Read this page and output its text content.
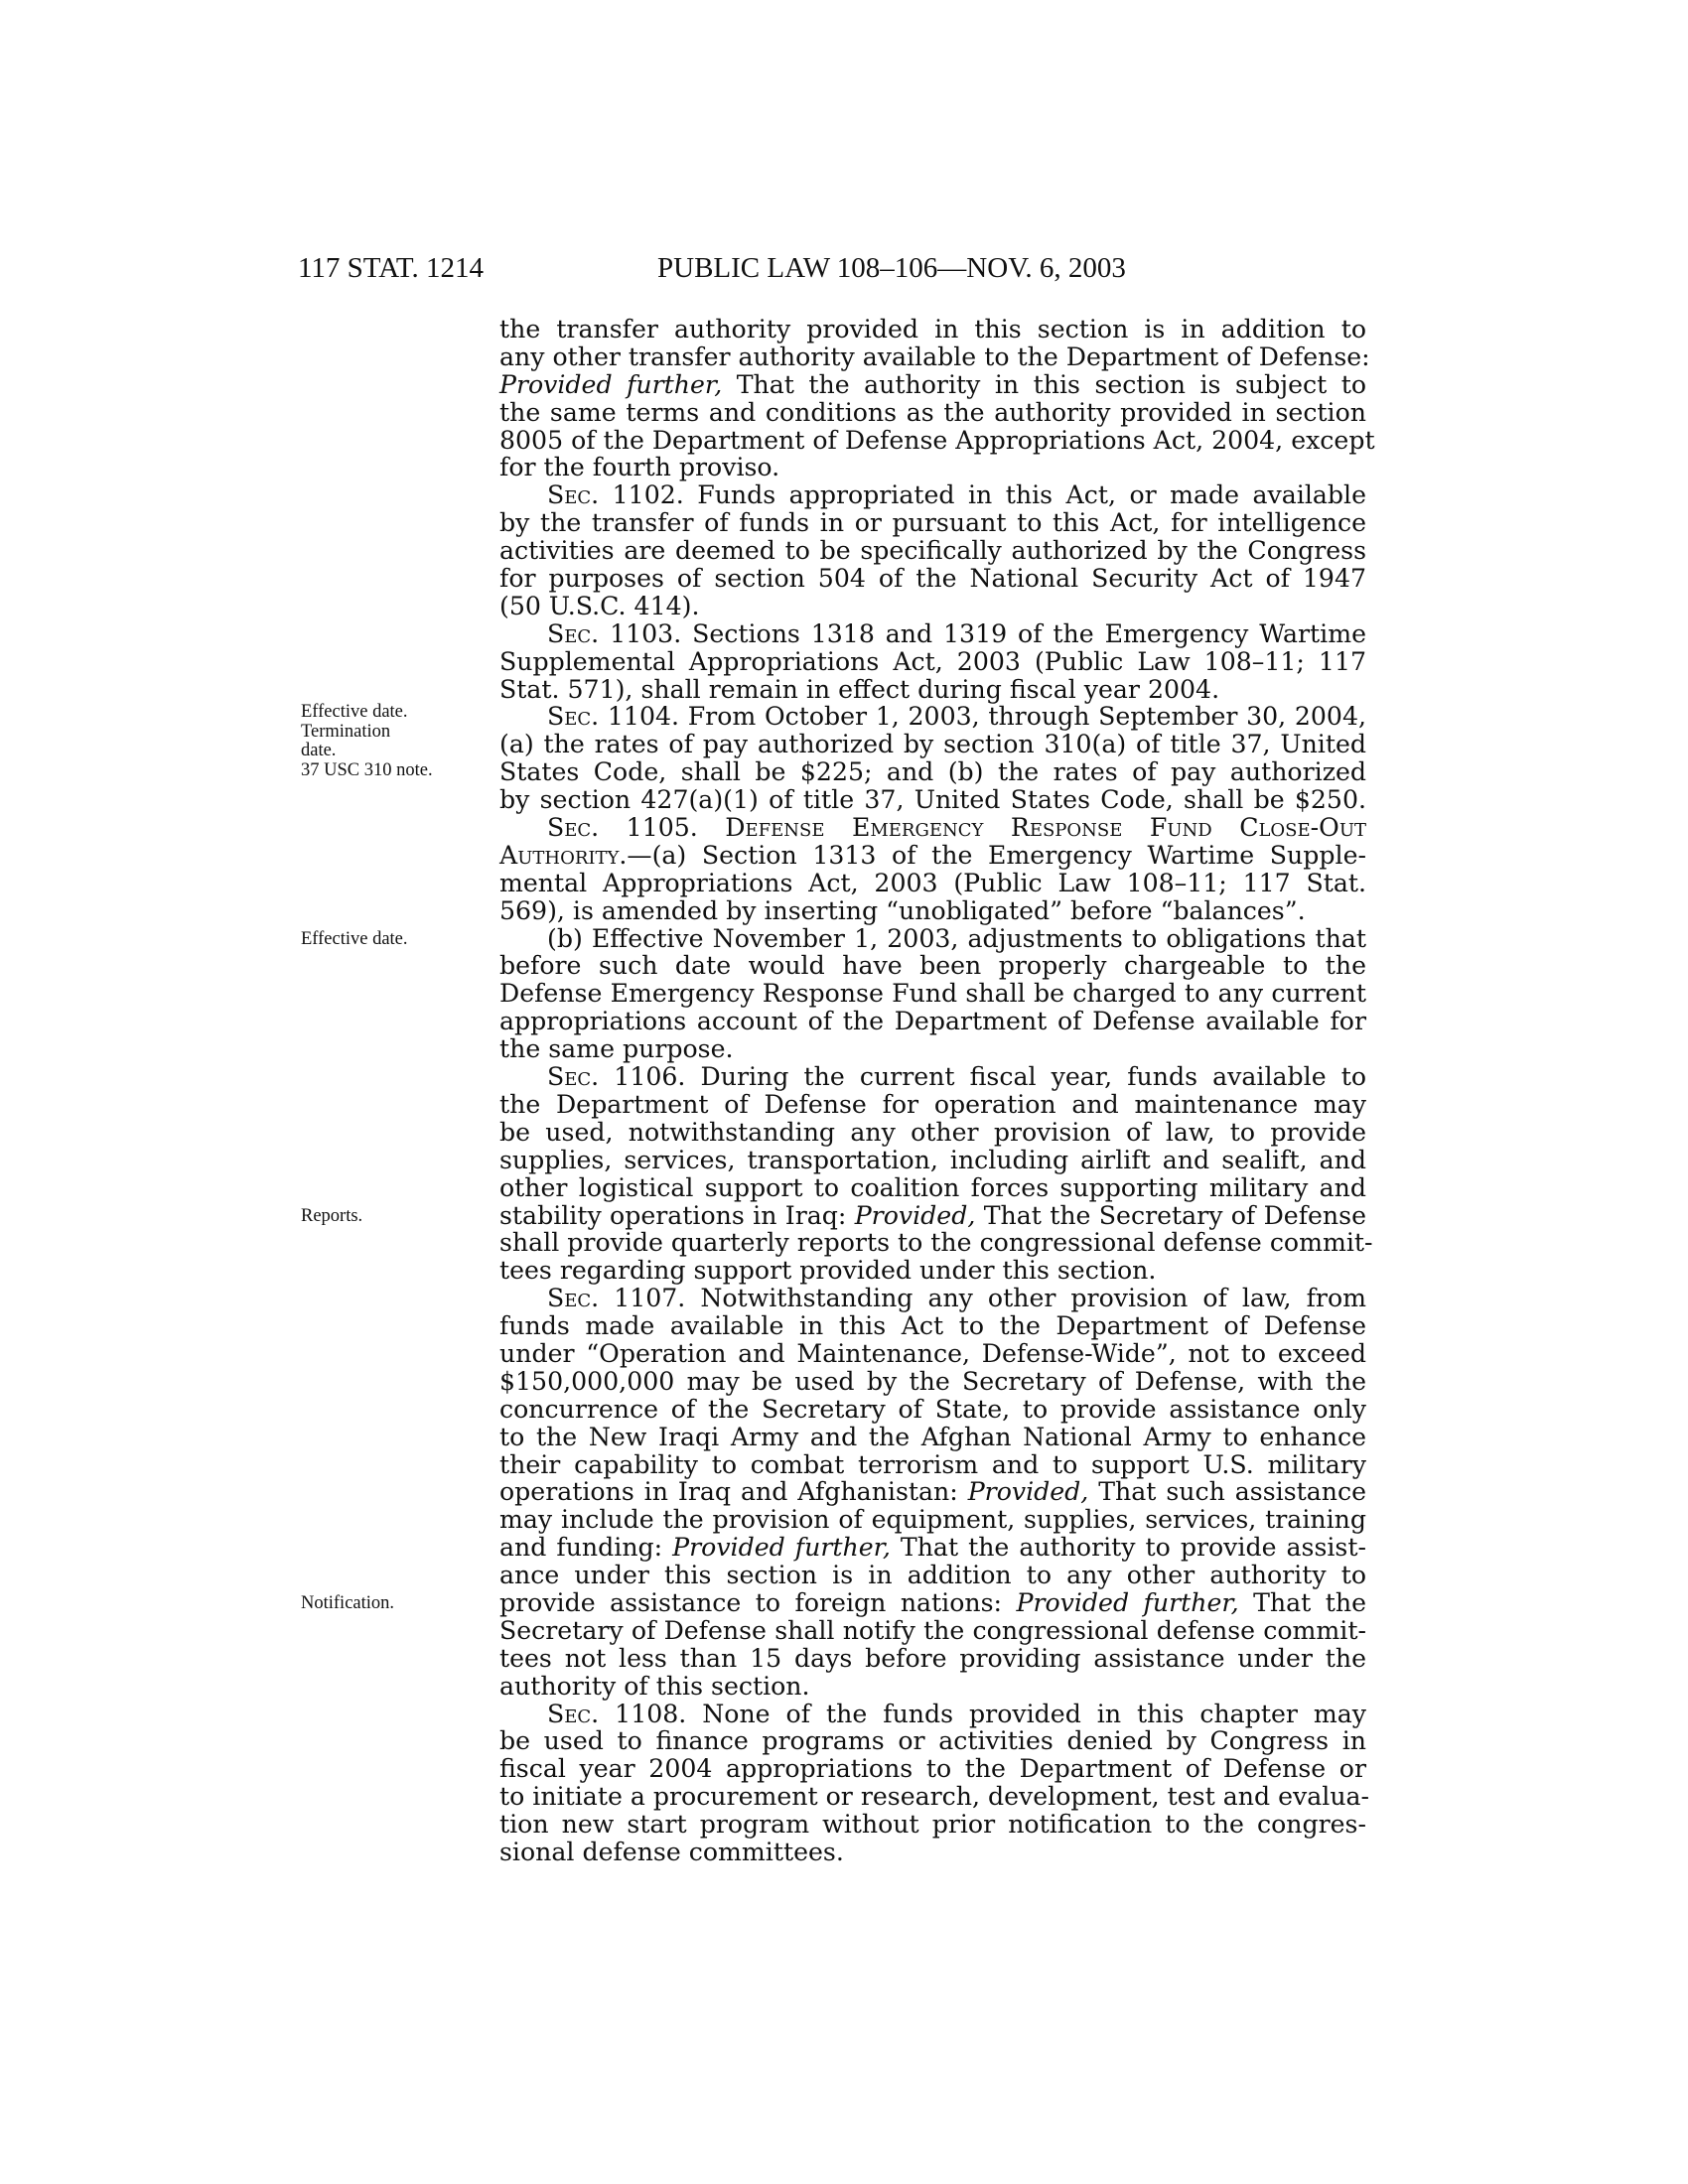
117 STAT. 1214	PUBLIC LAW 108–106—NOV. 6, 2003
Effective date.
Termination
date.
37 USC 310 note.
Effective date.
Reports.
Notification.
the transfer authority provided in this section is in addition to
any other transfer authority available to the Department of Defense:
Provided further, That the authority in this section is subject to
the same terms and conditions as the authority provided in section
8005 of the Department of Defense Appropriations Act, 2004, except
for the fourth proviso.
Sec. 1102. Funds appropriated in this Act, or made available
by the transfer of funds in or pursuant to this Act, for intelligence
activities are deemed to be specifically authorized by the Congress
for purposes of section 504 of the National Security Act of 1947
(50 U.S.C. 414).
Sec. 1103. Sections 1318 and 1319 of the Emergency Wartime
Supplemental Appropriations Act, 2003 (Public Law 108–11; 117
Stat. 571), shall remain in effect during fiscal year 2004.
Sec. 1104. From October 1, 2003, through September 30, 2004,
(a) the rates of pay authorized by section 310(a) of title 37, United
States Code, shall be $225; and (b) the rates of pay authorized
by section 427(a)(1) of title 37, United States Code, shall be $250.
Sec. 1105. Defense Emergency Response Fund Close-Out
Authority.—(a) Section 1313 of the Emergency Wartime Supple-
mental Appropriations Act, 2003 (Public Law 108–11; 117 Stat.
569), is amended by inserting “unobligated” before “balances”.
(b) Effective November 1, 2003, adjustments to obligations that
before such date would have been properly chargeable to the
Defense Emergency Response Fund shall be charged to any current
appropriations account of the Department of Defense available for
the same purpose.
Sec. 1106. During the current fiscal year, funds available to
the Department of Defense for operation and maintenance may
be used, notwithstanding any other provision of law, to provide
supplies, services, transportation, including airlift and sealift, and
other logistical support to coalition forces supporting military and
stability operations in Iraq: Provided, That the Secretary of Defense
shall provide quarterly reports to the congressional defense commit-
tees regarding support provided under this section.
Sec. 1107. Notwithstanding any other provision of law, from
funds made available in this Act to the Department of Defense
under “Operation and Maintenance, Defense-Wide”, not to exceed
$150,000,000 may be used by the Secretary of Defense, with the
concurrence of the Secretary of State, to provide assistance only
to the New Iraqi Army and the Afghan National Army to enhance
their capability to combat terrorism and to support U.S. military
operations in Iraq and Afghanistan: Provided, That such assistance
may include the provision of equipment, supplies, services, training
and funding: Provided further, That the authority to provide assist-
ance under this section is in addition to any other authority to
provide assistance to foreign nations: Provided further, That the
Secretary of Defense shall notify the congressional defense commit-
tees not less than 15 days before providing assistance under the
authority of this section.
Sec. 1108. None of the funds provided in this chapter may
be used to finance programs or activities denied by Congress in
fiscal year 2004 appropriations to the Department of Defense or
to initiate a procurement or research, development, test and evalua-
tion new start program without prior notification to the congres-
sional defense committees.
